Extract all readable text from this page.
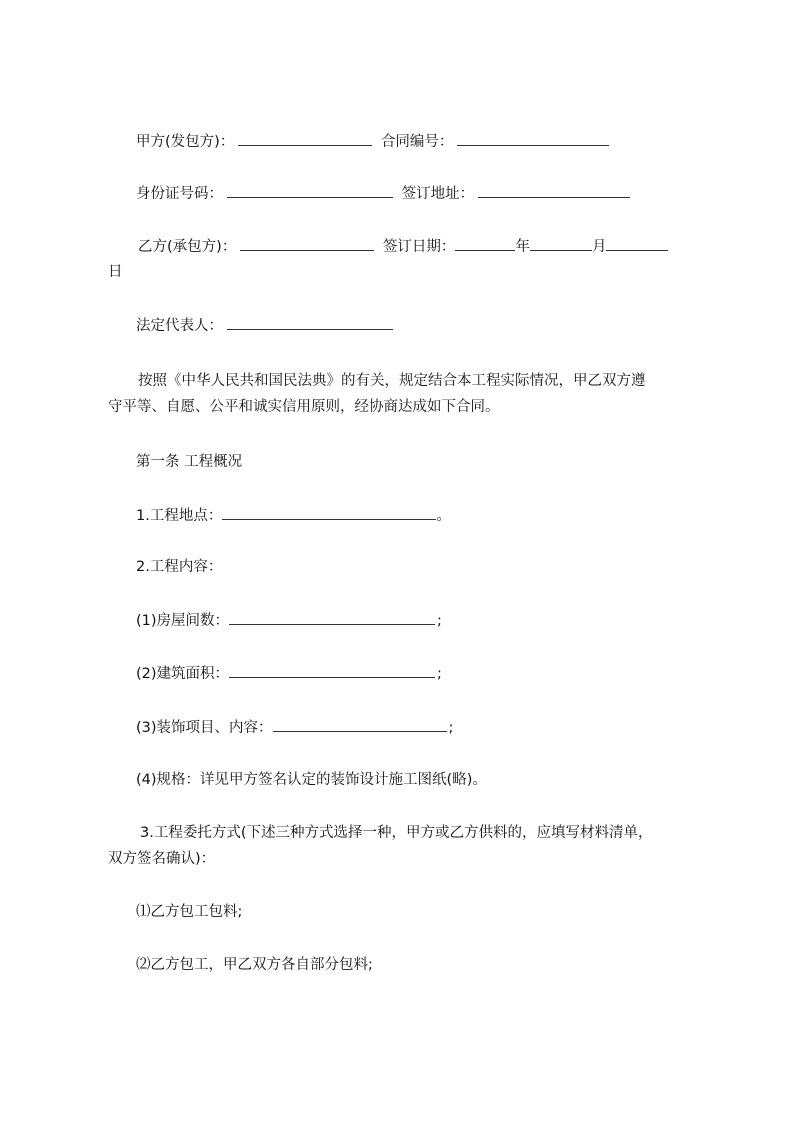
甲方(发包方)：	合同编号：
身份证号码：	签订地址：
乙方(承包方)：	签订日期：	年	月
日
法定代表人：
按照《中华人民共和国民法典》的有关，规定结合本工程实际情况，甲乙双方遵
守平等、自愿、公平和诚实信用原则，经协商达成如下合同。
第一条 工程概况
1.工程地点：	。
2.工程内容：
(1)房屋间数：	;
(2)建筑面积：	;
(3)装饰项目、内容：	;
(4)规格：详见甲方签名认定的装饰设计施工图纸(略)。
3.工程委托方式(下述三种方式选择一种，甲方或乙方供料的，应填写材料清单，
双方签名确认)：
⑴乙方包工包料;
⑵乙方包工，甲乙双方各自部分包料;
